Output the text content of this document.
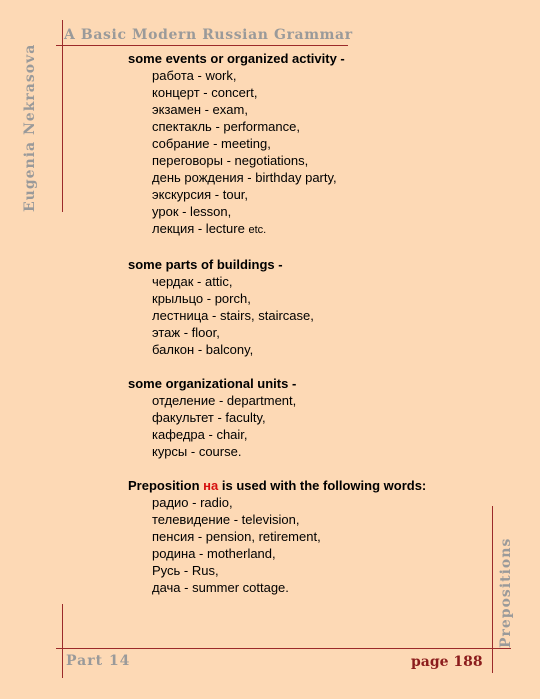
A Basic Modern Russian Grammar
Eugenia Nekrasova
Prepositions
Part 14	page 188
some events or organized activity -
работа - work,
концерт - concert,
экзамен - exam,
спектакль - performance,
собрание - meeting,
переговоры - negotiations,
день рождения - birthday party,
экскурсия - tour,
урок - lesson,
лекция - lecture etc.
some parts of buildings -
чердак - attic,
крыльцо - porch,
лестница - stairs, staircase,
этаж - floor,
балкон - balcony,
some organizational units -
отделение - department,
факультет - faculty,
кафедра - chair,
курсы - course.
Preposition на is used with the following words:
радио - radio,
телевидение - television,
пенсия - pension, retirement,
родина - motherland,
Русь - Rus,
дача - summer cottage.
